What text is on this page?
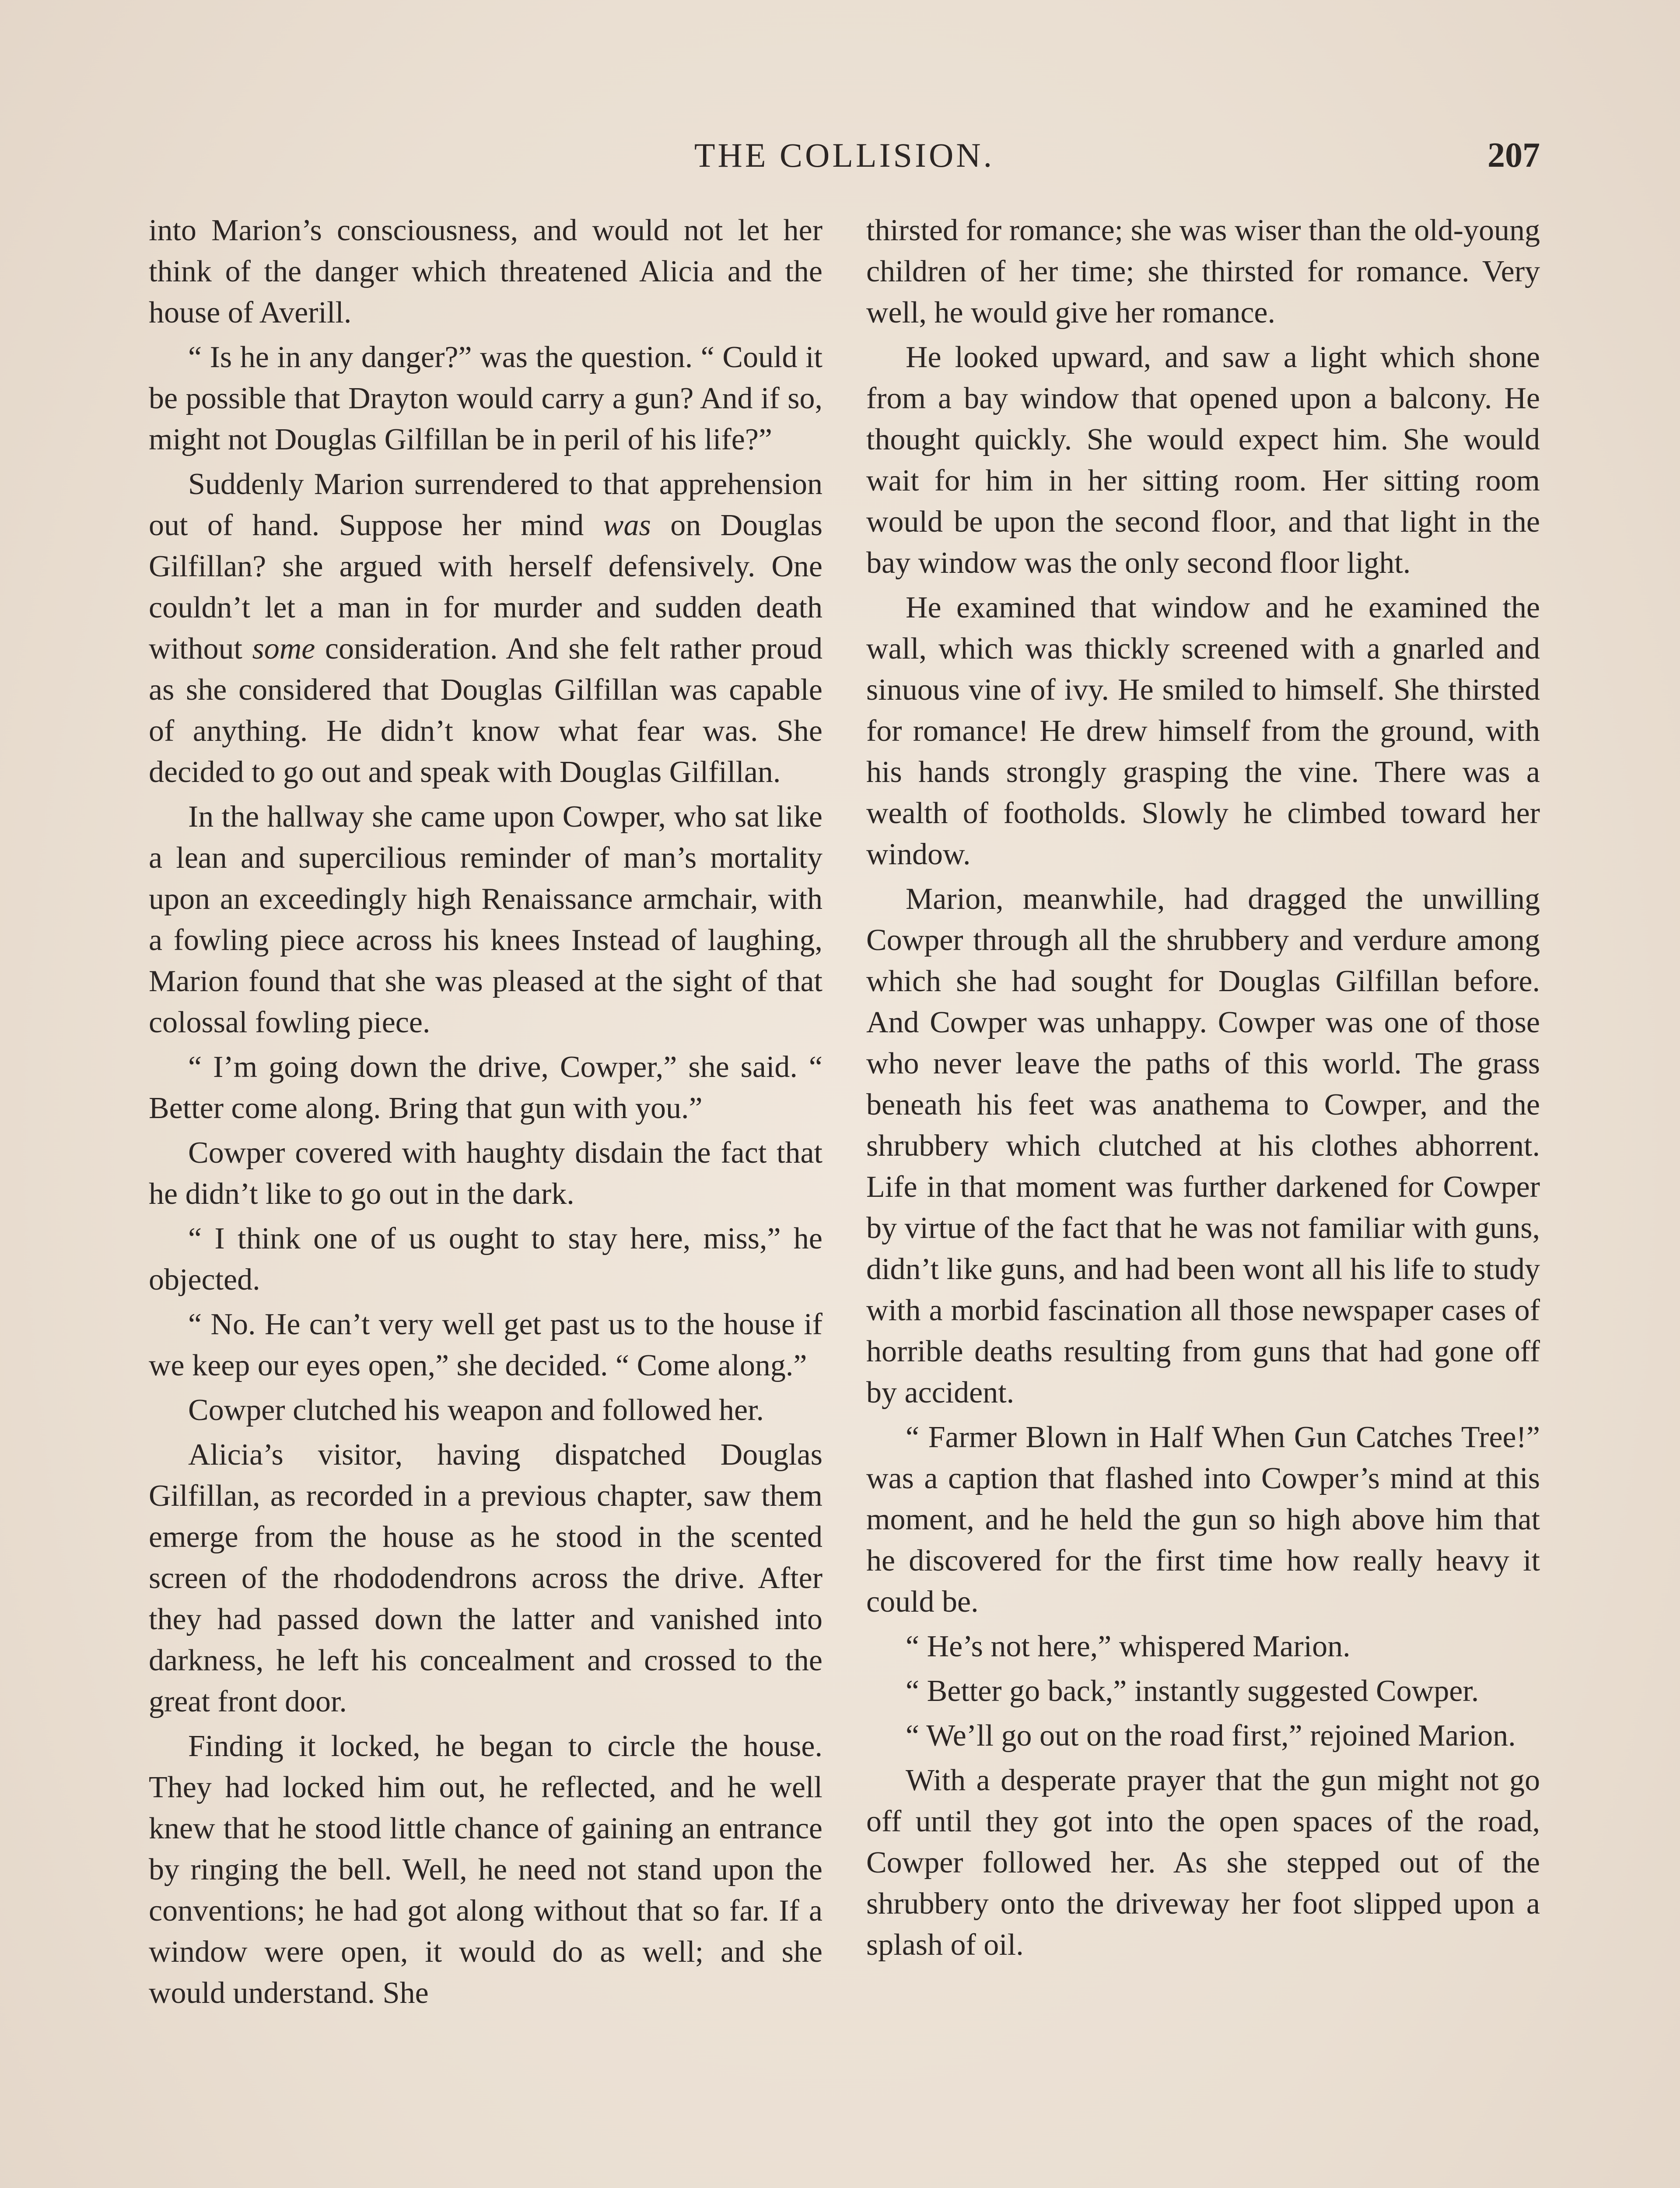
THE COLLISION.	207

into Marion’s consciousness, and would not let her think of the danger which threatened Alicia and the house of Averill.

“ Is he in any danger?” was the question. “ Could it be possible that Drayton would carry a gun? And if so, might not Douglas Gilfillan be in peril of his life?”

Suddenly Marion surrendered to that apprehension out of hand. Suppose her mind was on Douglas Gilfillan? she argued with herself defensively. One couldn’t let a man in for murder and sudden death without some consideration. And she felt rather proud as she considered that Douglas Gilfillan was capable of anything. He didn’t know what fear was. She decided to go out and speak with Douglas Gilfillan.

In the hallway she came upon Cowper, who sat like a lean and supercilious reminder of man’s mortality upon an exceedingly high Renaissance armchair, with a fowling piece across his knees Instead of laughing, Marion found that she was pleased at the sight of that colossal fowling piece.

“ I’m going down the drive, Cowper,” she said. “ Better come along. Bring that gun with you.”

Cowper covered with haughty disdain the fact that he didn’t like to go out in the dark.

“ I think one of us ought to stay here, miss,” he objected.

“ No. He can’t very well get past us to the house if we keep our eyes open,” she decided. “ Come along.”

Cowper clutched his weapon and followed her.

Alicia’s visitor, having dispatched Douglas Gilfillan, as recorded in a previous chapter, saw them emerge from the house as he stood in the scented screen of the rhododendrons across the drive. After they had passed down the latter and vanished into darkness, he left his concealment and crossed to the great front door.

Finding it locked, he began to circle the house. They had locked him out, he reflected, and he well knew that he stood little chance of gaining an entrance by ringing the bell. Well, he need not stand upon the conventions; he had got along without that so far. If a window were open, it would do as well; and she would understand. She

thirsted for romance; she was wiser than the old-young children of her time; she thirsted for romance. Very well, he would give her romance.

He looked upward, and saw a light which shone from a bay window that opened upon a balcony. He thought quickly. She would expect him. She would wait for him in her sitting room. Her sitting room would be upon the second floor, and that light in the bay window was the only second floor light.

He examined that window and he examined the wall, which was thickly screened with a gnarled and sinuous vine of ivy. He smiled to himself. She thirsted for romance! He drew himself from the ground, with his hands strongly grasping the vine. There was a wealth of footholds. Slowly he climbed toward her window.

Marion, meanwhile, had dragged the unwilling Cowper through all the shrubbery and verdure among which she had sought for Douglas Gilfillan before. And Cowper was unhappy. Cowper was one of those who never leave the paths of this world. The grass beneath his feet was anathema to Cowper, and the shrubbery which clutched at his clothes abhorrent. Life in that moment was further darkened for Cowper by virtue of the fact that he was not familiar with guns, didn’t like guns, and had been wont all his life to study with a morbid fascination all those newspaper cases of horrible deaths resulting from guns that had gone off by accident.

“ Farmer Blown in Half When Gun Catches Tree!” was a caption that flashed into Cowper’s mind at this moment, and he held the gun so high above him that he discovered for the first time how really heavy it could be.

“ He’s not here,” whispered Marion.

“ Better go back,” instantly suggested Cowper.

“ We’ll go out on the road first,” rejoined Marion.

With a desperate prayer that the gun might not go off until they got into the open spaces of the road, Cowper followed her. As she stepped out of the shrubbery onto the driveway her foot slipped upon a splash of oil.
